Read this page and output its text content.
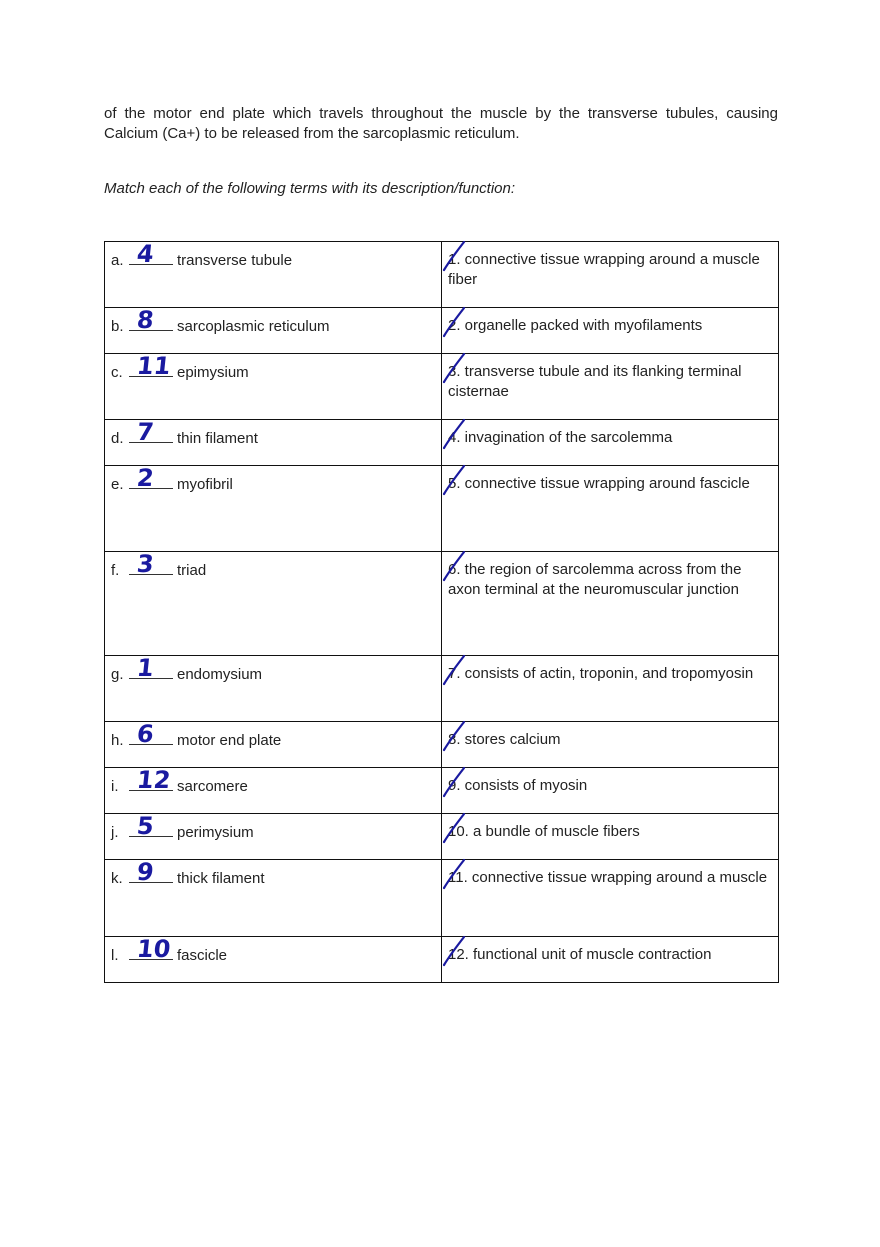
of the motor end plate which travels throughout the muscle by the transverse tubules, causing Calcium (Ca+) to be released from the sarcoplasmic reticulum.

Match each of the following terms with its description/function:

a. 4 transverse tubule	1. connective tissue wrapping around a muscle fiber

b. 8 sarcoplasmic reticulum	2. organelle packed with myofilaments

c. 11 epimysium	3. transverse tubule and its flanking terminal cisternae

d. 7 thin filament	4. invagination of the sarcolemma

e. 2 myofibril	5. connective tissue wrapping around fascicle

f. 3 triad	6. the region of sarcolemma across from the axon terminal at the neuromuscular junction

g. 1 endomysium	7. consists of actin, troponin, and tropomyosin

h. 6 motor end plate	8. stores calcium

i. 12 sarcomere	9. consists of myosin

j. 5 perimysium	10. a bundle of muscle fibers

k. 9 thick filament	11. connective tissue wrapping around a muscle

l. 10 fascicle	12. functional unit of muscle contraction
